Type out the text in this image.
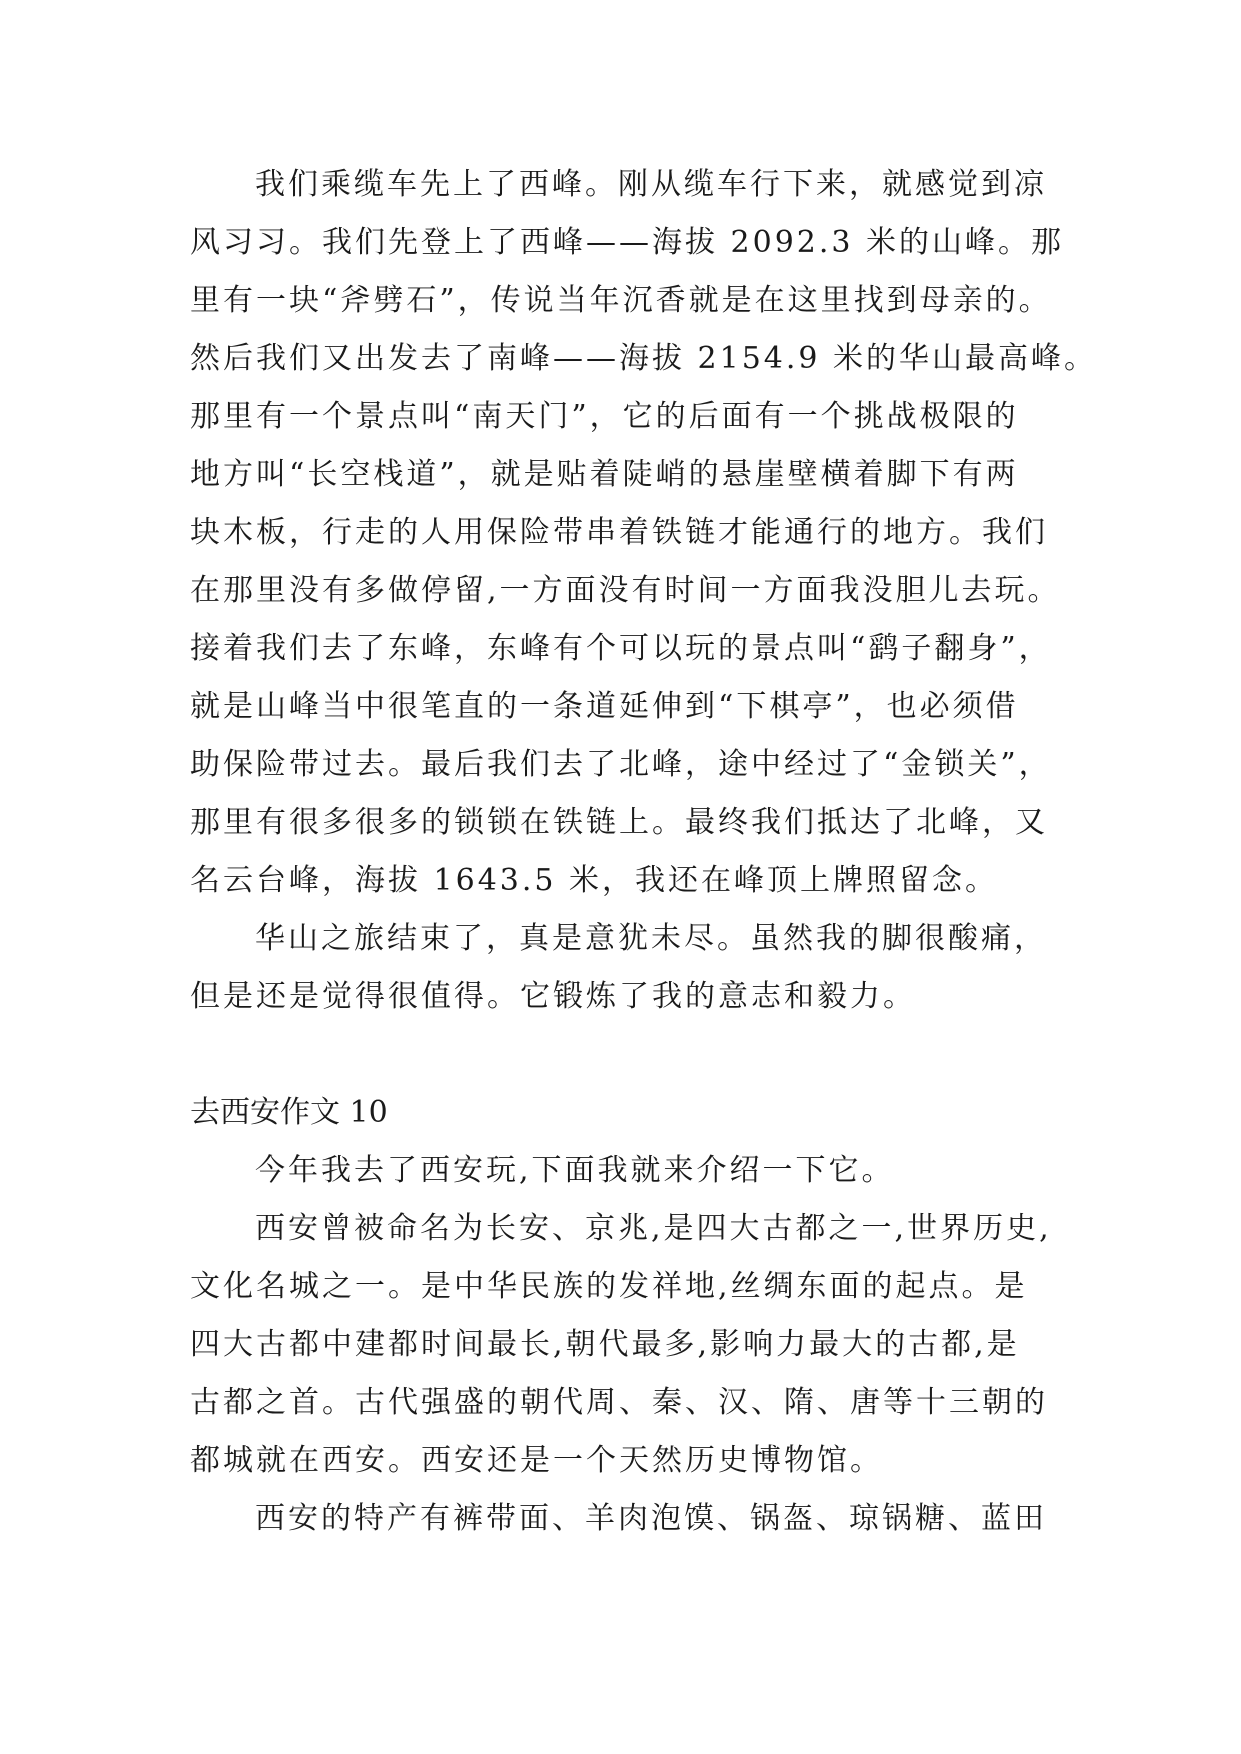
我们乘缆车先上了西峰。刚从缆车行下来，就感觉到凉
风习习。我们先登上了西峰——海拔 2092.3 米的山峰。那
里有一块“斧劈石”，传说当年沉香就是在这里找到母亲的。
然后我们又出发去了南峰——海拔 2154.9 米的华山最高峰。
那里有一个景点叫“南天门”，它的后面有一个挑战极限的
地方叫“长空栈道”，就是贴着陡峭的悬崖壁横着脚下有两
块木板，行走的人用保险带串着铁链才能通行的地方。我们
在那里没有多做停留,一方面没有时间一方面我没胆儿去玩。
接着我们去了东峰，东峰有个可以玩的景点叫“鹞子翻身”，
就是山峰当中很笔直的一条道延伸到“下棋亭”，也必须借
助保险带过去。最后我们去了北峰，途中经过了“金锁关”，
那里有很多很多的锁锁在铁链上。最终我们抵达了北峰，又
名云台峰，海拔 1643.5 米，我还在峰顶上牌照留念。
华山之旅结束了，真是意犹未尽。虽然我的脚很酸痛，
但是还是觉得很值得。它锻炼了我的意志和毅力。
去西安作文 10
今年我去了西安玩,下面我就来介绍一下它。
西安曾被命名为长安、京兆,是四大古都之一,世界历史,
文化名城之一。是中华民族的发祥地,丝绸东面的起点。是
四大古都中建都时间最长,朝代最多,影响力最大的古都,是
古都之首。古代强盛的朝代周、秦、汉、隋、唐等十三朝的
都城就在西安。西安还是一个天然历史博物馆。
西安的特产有裤带面、羊肉泡馍、锅盔、琼锅糖、蓝田
